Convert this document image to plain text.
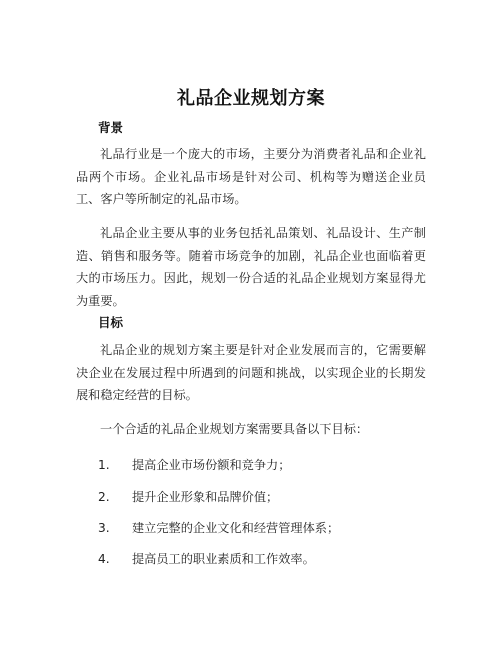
礼品企业规划方案
背景
礼品行业是一个庞大的市场，主要分为消费者礼品和企业礼品两个市场。企业礼品市场是针对公司、机构等为赠送企业员工、客户等所制定的礼品市场。
礼品企业主要从事的业务包括礼品策划、礼品设计、生产制造、销售和服务等。随着市场竞争的加剧，礼品企业也面临着更大的市场压力。因此，规划一份合适的礼品企业规划方案显得尤为重要。
目标
礼品企业的规划方案主要是针对企业发展而言的，它需要解决企业在发展过程中所遇到的问题和挑战，以实现企业的长期发展和稳定经营的目标。
一个合适的礼品企业规划方案需要具备以下目标：
1.	提高企业市场份额和竞争力；
2.	提升企业形象和品牌价值；
3.	建立完整的企业文化和经营管理体系；
4.	提高员工的职业素质和工作效率。
